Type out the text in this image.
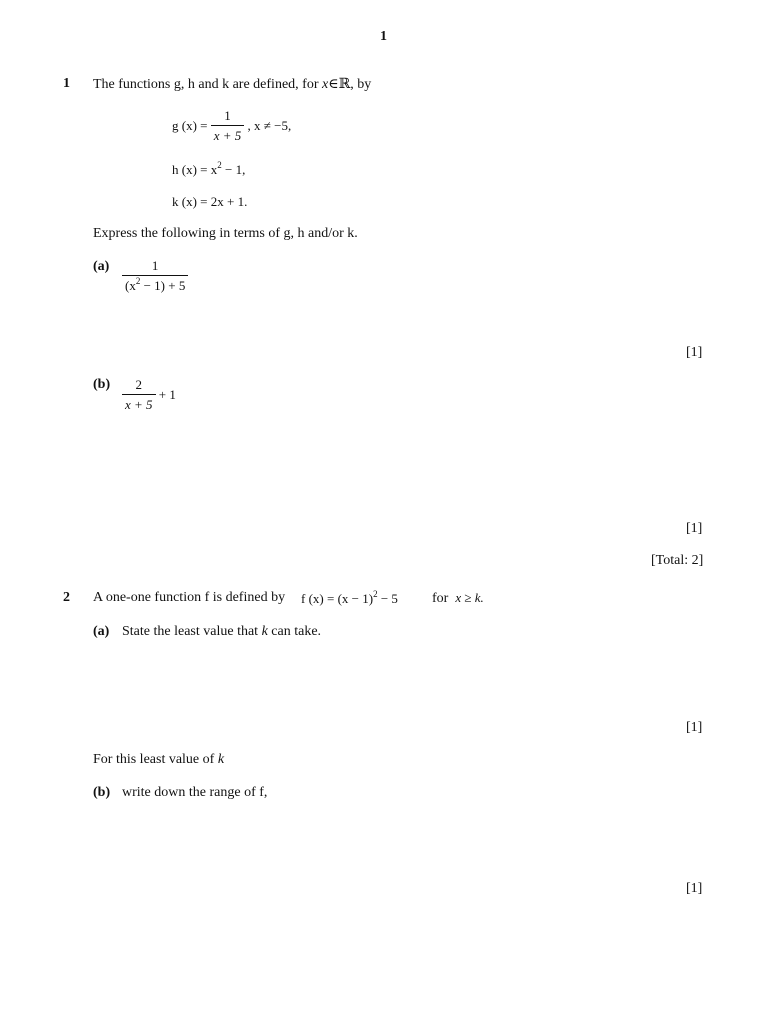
1
1 The functions g, h and k are defined, for x∈ℝ, by
g $(x) = \frac{1}{x + 5}$ , x ≠ −5,
h $(x) = x^2 - 1$,
k (x) = 2x + 1.
Express the following in terms of g, h and/or k.
$(a) \frac{1}{(x^2 - 1) + 5}$
[1]
$(b) \frac{2}{x + 5} + 1$
[1]
[Total: 2]
2 A one-one function f is defined by f $(x) = (x - 1)^2 - 5$ for x ≥ k.
(a) State the least value that k can take.
[1]
For this least value of k
(b) write down the range of f,
[1]
